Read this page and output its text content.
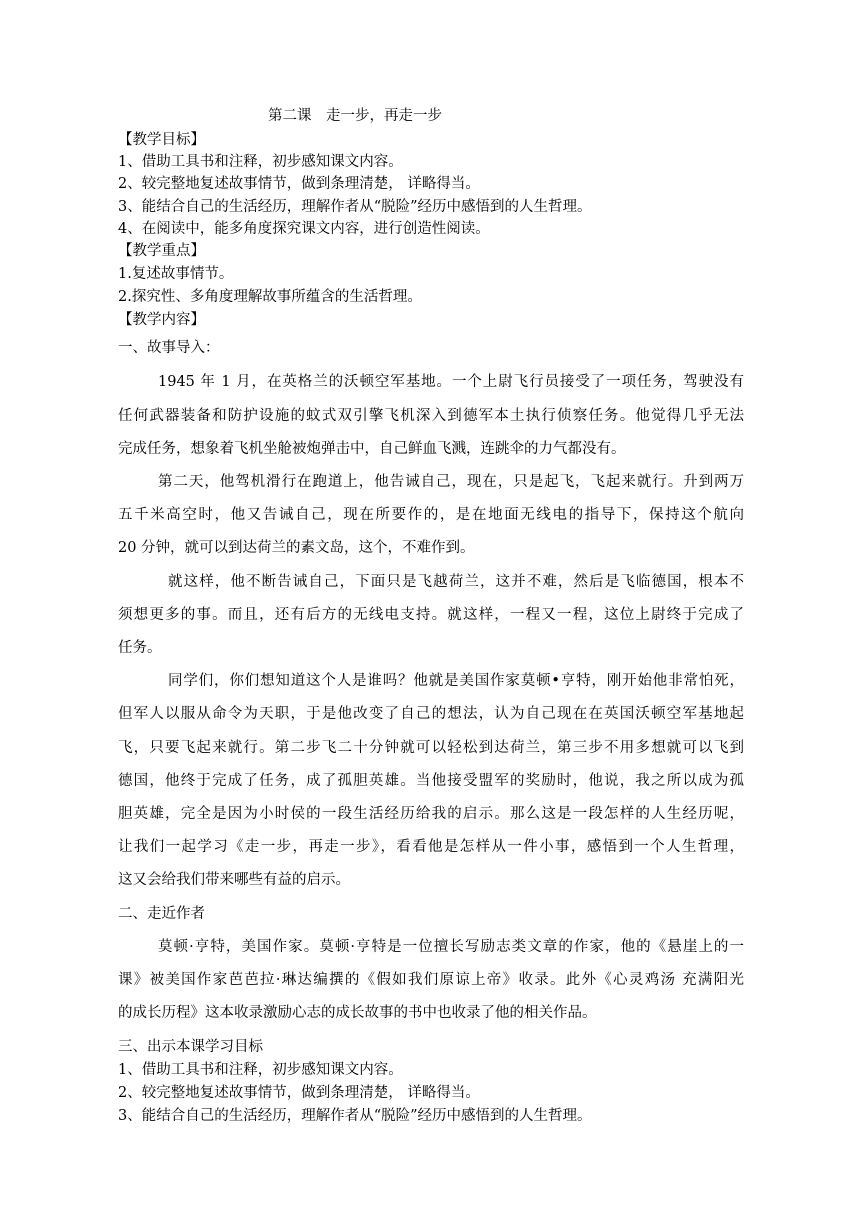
第二课　走一步，再走一步
【教学目标】
1、借助工具书和注释，初步感知课文内容。
2、较完整地复述故事情节，做到条理清楚， 详略得当。
3、能结合自己的生活经历，理解作者从“脱险”经历中感悟到的人生哲理。
4、在阅读中，能多角度探究课文内容，进行创造性阅读。
【教学重点】
1.复述故事情节。
2.探究性、多角度理解故事所蕴含的生活哲理。
【教学内容】
一、故事导入：
1945 年 1 月，在英格兰的沃顿空军基地。一个上尉飞行员接受了一项任务，驾驶没有
任何武器装备和防护设施的蚊式双引擎飞机深入到德军本土执行侦察任务。他觉得几乎无法
完成任务，想象着飞机坐舱被炮弹击中，自己鲜血飞溅，连跳伞的力气都没有。
第二天，他驾机滑行在跑道上，他告诫自己，现在，只是起飞，飞起来就行。升到两万
五千米高空时，他又告诫自己，现在所要作的，是在地面无线电的指导下，保持这个航向
20 分钟，就可以到达荷兰的素文岛，这个，不难作到。
就这样，他不断告诫自己，下面只是飞越荷兰，这并不难，然后是飞临德国，根本不
须想更多的事。而且，还有后方的无线电支持。就这样，一程又一程，这位上尉终于完成了
任务。
同学们，你们想知道这个人是谁吗？他就是美国作家莫顿•亨特，刚开始他非常怕死，
但军人以服从命令为天职，于是他改变了自己的想法，认为自己现在在英国沃顿空军基地起
飞，只要飞起来就行。第二步飞二十分钟就可以轻松到达荷兰，第三步不用多想就可以飞到
德国，他终于完成了任务，成了孤胆英雄。当他接受盟军的奖励时，他说，我之所以成为孤
胆英雄，完全是因为小时侯的一段生活经历给我的启示。那么这是一段怎样的人生经历呢，
让我们一起学习《走一步，再走一步》，看看他是怎样从一件小事，感悟到一个人生哲理，
这又会给我们带来哪些有益的启示。
二、走近作者
莫顿·亨特，美国作家。莫顿·亨特是一位擅长写励志类文章的作家，他的《悬崖上的一
课》被美国作家芭芭拉·琳达编撰的《假如我们原谅上帝》收录。此外《心灵鸡汤 充满阳光
的成长历程》这本收录激励心志的成长故事的书中也收录了他的相关作品。
三、出示本课学习目标
1、借助工具书和注释，初步感知课文内容。
2、较完整地复述故事情节，做到条理清楚， 详略得当。
3、能结合自己的生活经历，理解作者从“脱险”经历中感悟到的人生哲理。
